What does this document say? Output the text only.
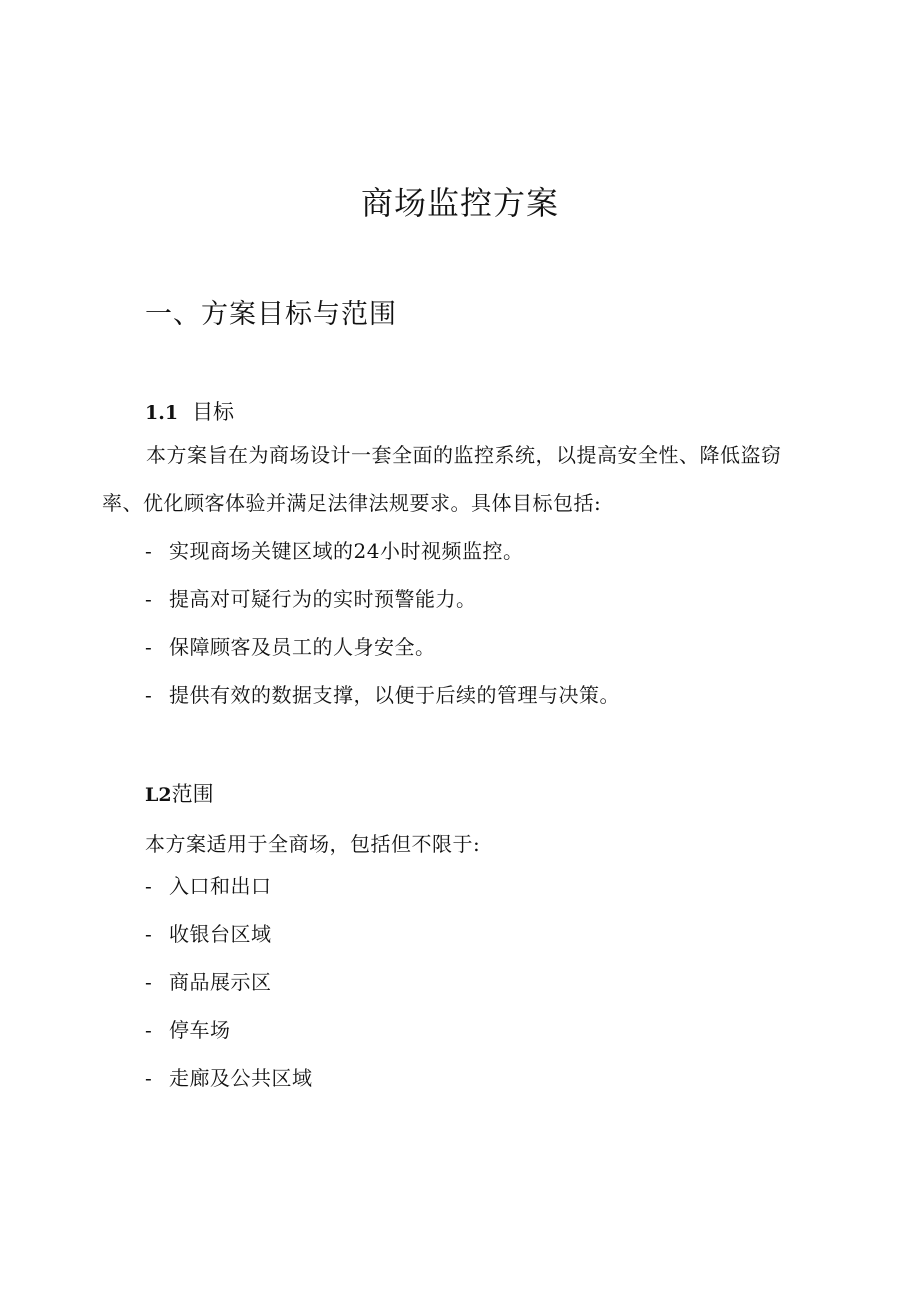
商场监控方案
一、方案目标与范围
1.1 目标

本方案旨在为商场设计一套全面的监控系统，以提高安全性、降低盗窃率、优化顾客体验并满足法律法规要求。具体目标包括:

- 实现商场关键区域的24小时视频监控。
- 提高对可疑行为的实时预警能力。
- 保障顾客及员工的人身安全。
- 提供有效的数据支撑，以便于后续的管理与决策。
L2范围

本方案适用于全商场，包括但不限于:

- 入口和出口
- 收银台区域
- 商品展示区
- 停车场
- 走廊及公共区域
